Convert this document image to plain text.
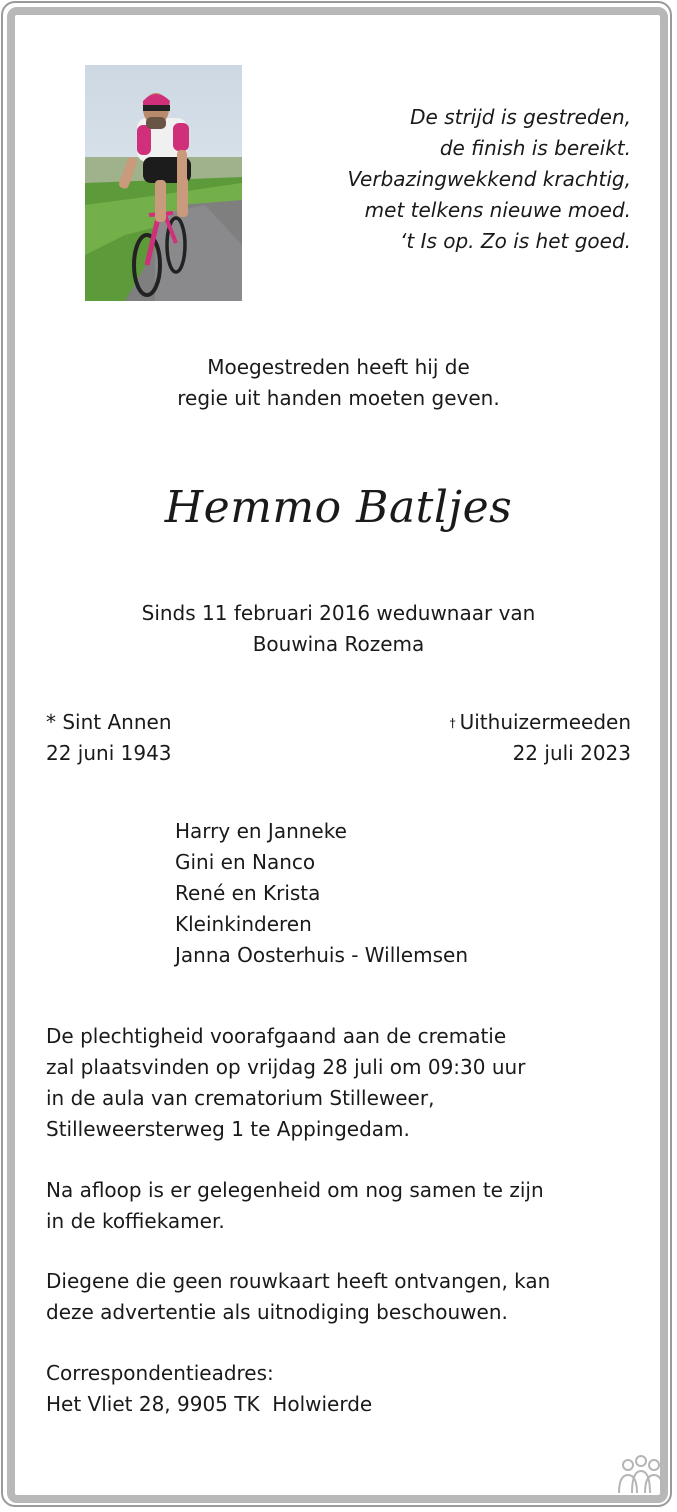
De strijd is gestreden,
de finish is bereikt.
Verbazingwekkend krachtig,
met telkens nieuwe moed.
‘t Is op. Zo is het goed.
Moegestreden heeft hij de
regie uit handen moeten geven.
Hemmo Batljes
Sinds 11 februari 2016 weduwnaar van
Bouwina Rozema
* Sint Annen
22 juni 1943
† Uithuizermeeden
22 juli 2023
Harry en Janneke
Gini en Nanco
René en Krista
Kleinkinderen
Janna Oosterhuis - Willemsen
De plechtigheid voorafgaand aan de crematie
zal plaatsvinden op vrijdag 28 juli om 09:30 uur
in de aula van crematorium Stilleweer,
Stilleweersterweg 1 te Appingedam.
Na afloop is er gelegenheid om nog samen te zijn
in de koffiekamer.
Diegene die geen rouwkaart heeft ontvangen, kan
deze advertentie als uitnodiging beschouwen.
Correspondentieadres:
Het Vliet 28, 9905 TK  Holwierde
